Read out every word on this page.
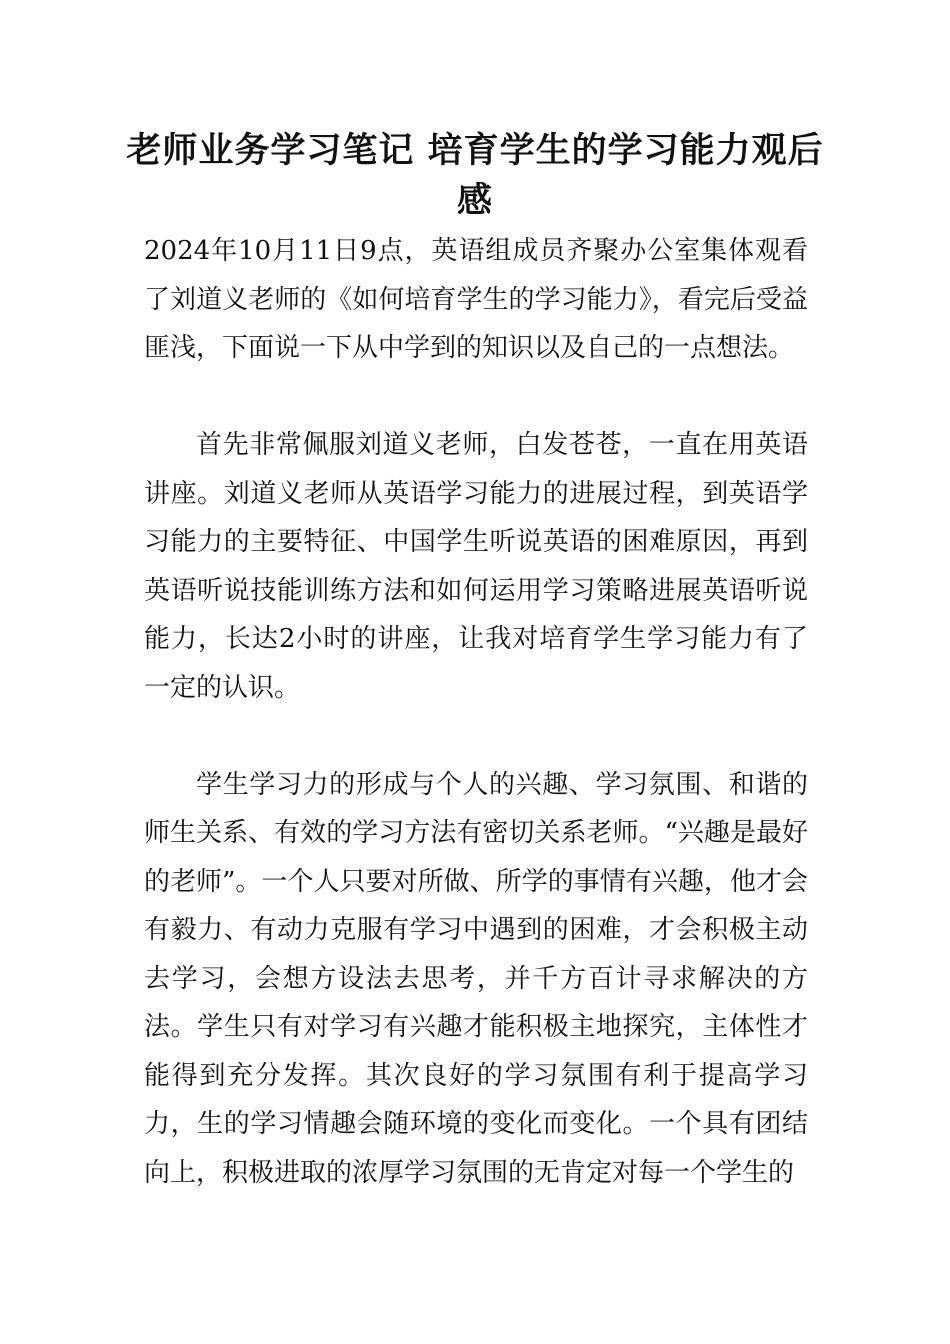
老师业务学习笔记 培育学生的学习能力观后感

2024年10月11日9点，英语组成员齐聚办公室集体观看了刘道义老师的《如何培育学生的学习能力》，看完后受益匪浅，下面说一下从中学到的知识以及自己的一点想法。

首先非常佩服刘道义老师，白发苍苍，一直在用英语讲座。刘道义老师从英语学习能力的进展过程，到英语学习能力的主要特征、中国学生听说英语的困难原因，再到英语听说技能训练方法和如何运用学习策略进展英语听说能力，长达2小时的讲座，让我对培育学生学习能力有了一定的认识。

学生学习力的形成与个人的兴趣、学习氛围、和谐的师生关系、有效的学习方法有密切关系老师。“兴趣是最好的老师”。一个人只要对所做、所学的事情有兴趣，他才会有毅力、有动力克服有学习中遇到的困难，才会积极主动去学习，会想方设法去思考，并千方百计寻求解决的方法。学生只有对学习有兴趣才能积极主地探究，主体性才能得到充分发挥。其次良好的学习氛围有利于提高学习力，生的学习情趣会随环境的变化而变化。一个具有团结向上，积极进取的浓厚学习氛围的无肯定对每一个学生的
